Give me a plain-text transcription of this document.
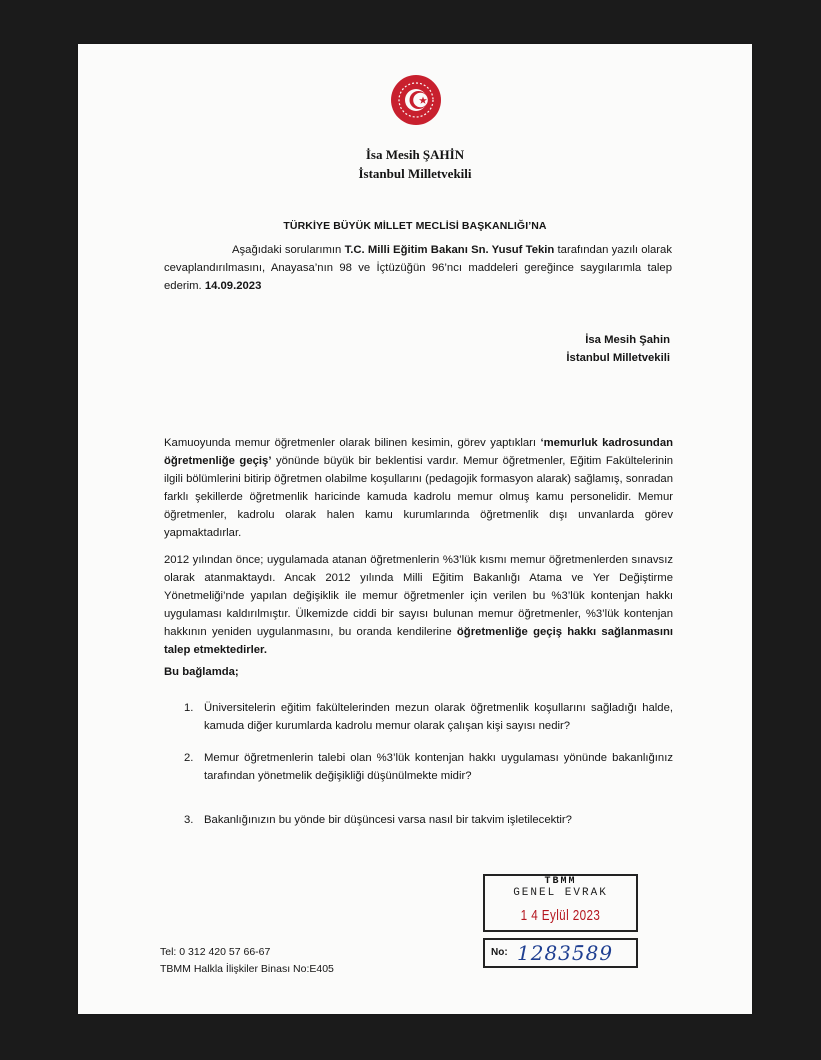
İsa Mesih ŞAHİN
İstanbul Milletvekili
TÜRKİYE BÜYÜK MİLLET MECLİSİ BAŞKANLIĞI’NA
Aşağıdaki sorularımın T.C. Milli Eğitim Bakanı Sn. Yusuf Tekin tarafından yazılı olarak cevaplandırılmasını, Anayasa’nın 98 ve İçtüzüğün 96’ncı maddeleri gereğince saygılarımla talep ederim. 14.09.2023
İsa Mesih Şahin
İstanbul Milletvekili
Kamuoyunda memur öğretmenler olarak bilinen kesimin, görev yaptıkları ‘memurluk kadrosundan öğretmenliğe geçiş’ yönünde büyük bir beklentisi vardır. Memur öğretmenler, Eğitim Fakültelerinin ilgili bölümlerini bitirip öğretmen olabilme koşullarını (pedagojik formasyon alarak) sağlamış, sonradan farklı şekillerde öğretmenlik haricinde kamuda kadrolu memur olmuş kamu personelidir. Memur öğretmenler, kadrolu olarak halen kamu kurumlarında öğretmenlik dışı unvanlarda görev yapmaktadırlar.
2012 yılından önce; uygulamada atanan öğretmenlerin %3’lük kısmı memur öğretmenlerden sınavsız olarak atanmaktaydı. Ancak 2012 yılında Milli Eğitim Bakanlığı Atama ve Yer Değiştirme Yönetmeliği’nde yapılan değişiklik ile memur öğretmenler için verilen bu %3’lük kontenjan hakkı uygulaması kaldırılmıştır. Ülkemizde ciddi bir sayısı bulunan memur öğretmenler, %3’lük kontenjan hakkının yeniden uygulanmasını, bu oranda kendilerine öğretmenliğe geçiş hakkı sağlanmasını talep etmektedirler.
Bu bağlamda;
1. Üniversitelerin eğitim fakültelerinden mezun olarak öğretmenlik koşullarını sağladığı halde, kamuda diğer kurumlarda kadrolu memur olarak çalışan kişi sayısı nedir?
2. Memur öğretmenlerin talebi olan %3’lük kontenjan hakkı uygulaması yönünde bakanlığınız tarafından yönetmelik değişikliği düşünülmekte midir?
3. Bakanlığınızın bu yönde bir düşüncesi varsa nasıl bir takvim işletilecektir?
Tel: 0 312 420 57 66-67
TBMM Halkla İlişkiler Binası No:E405
TBMM
GENEL EVRAK
1 4 Eylül 2023
No: 12835̄89
